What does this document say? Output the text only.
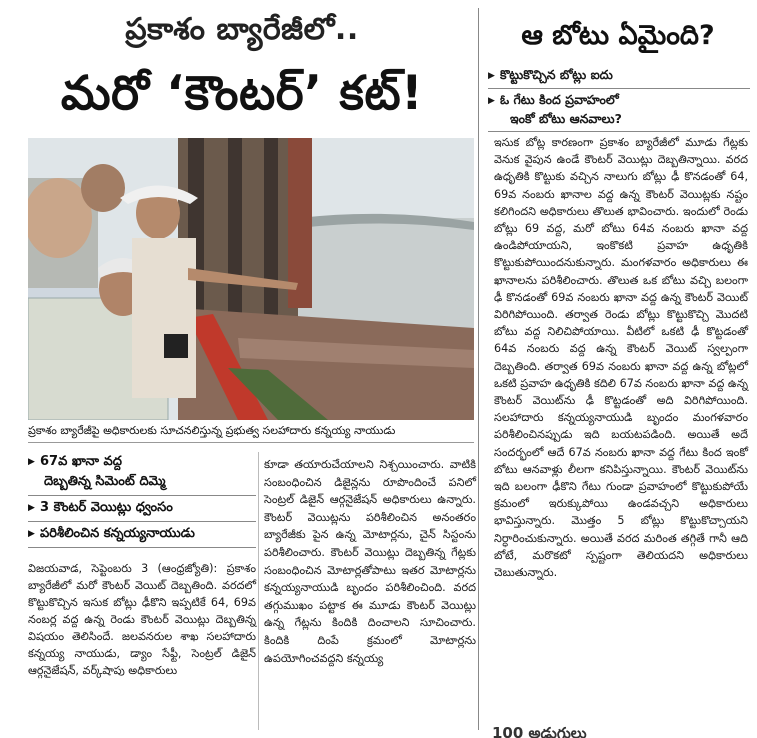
ప్రకాశం బ్యారేజీలో..
మరో ‘కౌంటర్’ కట్!
ప్రకాశం బ్యారేజీపై అధికారులకు సూచనలిస్తున్న ప్రభుత్వ సలహాదారు కన్నయ్య నాయుడు
▶ 67వ ఖానా వద్ద
దెబ్బతిన్న సిమెంట్ దిమ్మె
▶ 3 కౌంటర్ వెయిట్లు ధ్వంసం
▶ పరిశీలించిన కన్నయ్యనాయుడు
విజయవాడ, సెప్టెంబరు 3 (ఆంధ్రజ్యోతి): ప్రకాశం బ్యారేజీలో మరో కౌంటర్ వెయిట్ దెబ్బతింది. వరదలో కొట్టుకొచ్చిన ఇసుక బోట్లు ఢీకొని ఇప్పటికే 64, 69వ నంబర్ల వద్ద ఉన్న రెండు కౌంటర్ వెయిట్లు దెబ్బతిన్న విషయం తెలిసిందే. జలవనరుల శాఖ సలహాదారు కన్నయ్య నాయుడు, డ్యాం సేఫ్టీ, సెంట్రల్ డిజైన్ ఆర్గనైజేషన్, వర్క్‌షాపు అధికారులు
కూడా తయారుచేయాలని నిశ్చయించారు. వాటికి సంబంధించిన డిజైన్లను రూపొందించే పనిలో సెంట్రల్ డిజైన్ ఆర్గనైజేషన్ అధికారులు ఉన్నారు. కౌంటర్ వెయిట్లను పరిశీలించిన అనంతరం బ్యారేజీకు పైన ఉన్న మోటార్లను, చైన్ సిస్టంను పరిశీలించారు. కౌంటర్ వెయిట్లు దెబ్బతిన్న గేట్లకు సంబంధించిన మోటార్లతోపాటు ఇతర మోటార్లను కన్నయ్యనాయుడి బృందం పరిశీలించింది. వరద తగ్గుముఖం పట్టాక ఈ మూడు కౌంటర్ వెయిట్లు ఉన్న గేట్లను కిందికి దించాలని సూచించారు. కిందికి దింపే క్రమంలో మోటార్లను ఉపయోగించవద్దని కన్నయ్య
ఆ బోటు ఏమైంది?
▶ కొట్టుకొచ్చిన బోట్లు ఐదు
▶ ఓ గేటు కింద ప్రవాహంలో
ఇంకో బోటు ఆనవాలు?
ఇసుక బోట్ల కారణంగా ప్రకాశం బ్యారేజీలో మూడు గేట్లకు వెనుక వైపున ఉండే కౌంటర్ వెయిట్లు దెబ్బతిన్నాయి. వరద ఉధృతికి కొట్టుకు వచ్చిన నాలుగు బోట్లు ఢీ కొనడంతో 64, 69వ నంబరు ఖానాల వద్ద ఉన్న కౌంటర్ వెయిట్లకు నష్టం కలిగిందని అధికారులు తొలుత భావించారు. ఇందులో రెండు బోట్లు 69 వద్ద, మరో బోటు 64వ నంబరు ఖానా వద్ద ఉండిపోయాయని, ఇంకొకటి ప్రవాహ ఉధృతికి కొట్టుకుపోయిందనుకున్నారు. మంగళవారం అధికారులు ఈ ఖానాలను పరిశీలించారు. తొలుత ఒక బోటు వచ్చి బలంగా ఢీ కొనడంతో 69వ నంబరు ఖానా వద్ద ఉన్న కౌంటర్ వెయిట్ విరిగిపోయింది. తర్వాత రెండు బోట్లు కొట్టుకొచ్చి మొదటి బోటు వద్ద నిలిచిపోయాయి. వీటిలో ఒకటి ఢీ కొట్టడంతో 64వ నంబరు వద్ద ఉన్న కౌంటర్ వెయిట్ స్వల్పంగా దెబ్బతింది. తర్వాత 69వ నంబరు ఖానా వద్ద ఉన్న బోట్లలో ఒకటి ప్రవాహ ఉధృతికి కదిలి 67వ నంబరు ఖానా వద్ద ఉన్న కౌంటర్ వెయిట్‌ను ఢీ కొట్టడంతో అది విరిగిపోయింది. సలహాదారు కన్నయ్యనాయుడి బృందం మంగళవారం పరిశీలించినప్పుడు ఇది బయటపడింది. అయితే అదే సందర్భంలో ఆదే 67వ నంబరు ఖానా వద్ద గేటు కింద ఇంకో బోటు ఆనవాళ్లు లీలగా కనిపిస్తున్నాయి. కౌంటర్ వెయిట్‌ను ఇది బలంగా ఢీకొని గేటు గుండా ప్రవాహంలో కొట్టుకుపోయే క్రమంలో ఇరుక్కుపోయి ఉండవచ్చని అధికారులు భావిస్తున్నారు. మొత్తం 5 బోట్లు కొట్టుకొచ్చాయని నిర్ధారించుకున్నారు. అయితే వరద మరింత తగ్గితే గానీ ఆది బోటే, మరొకటో స్పష్టంగా తెలియదని అధికారులు చెబుతున్నారు.
100 అడుగులు
